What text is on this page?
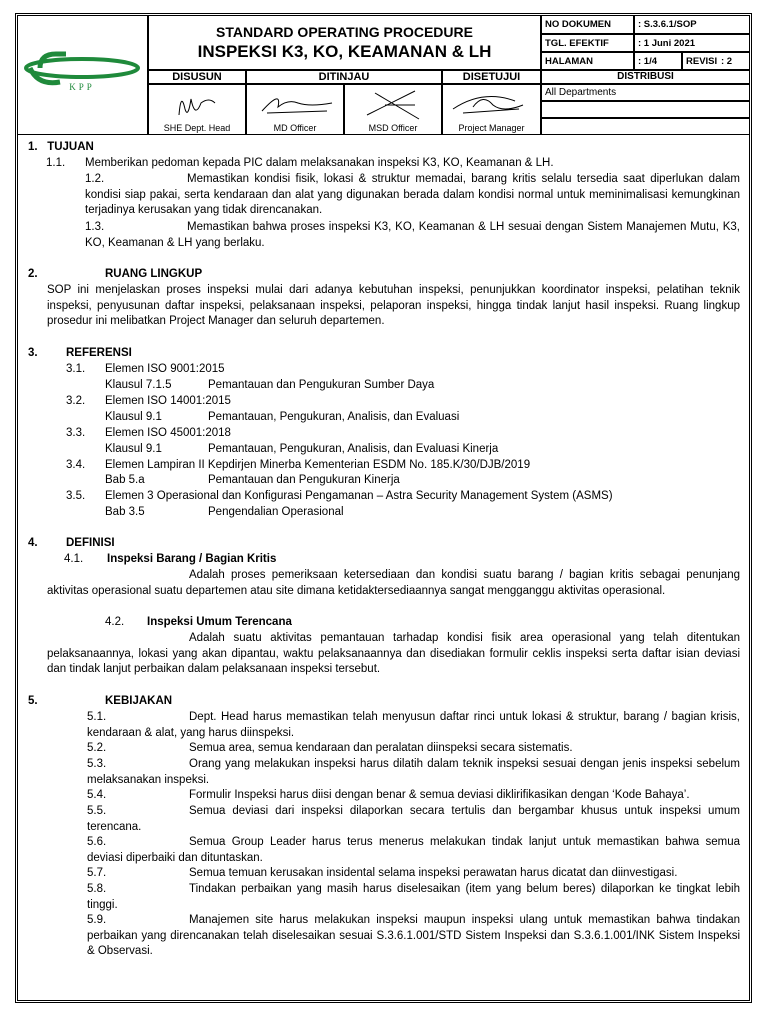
KPP
STANDARD OPERATING PROCEDURE
INSPEKSI K3, KO, KEAMANAN & LH
DISUSUN	DITINJAU	DISETUJUI
SHE Dept. Head	MD Officer	MSD Officer	Project Manager
NO DOKUMEN	: S.3.6.1/SOP
TGL. EFEKTIF	: 1 Juni 2021
HALAMAN	: 1/4	REVISI : 2
DISTRIBUSI
All Departments
1. TUJUAN
1.1. Memberikan pedoman kepada PIC dalam melaksanakan inspeksi K3, KO, Keamanan & LH.
1.2.	Memastikan kondisi fisik, lokasi & struktur memadai, barang kritis selalu tersedia saat diperlukan dalam kondisi siap pakai, serta kendaraan dan alat yang digunakan berada dalam kondisi normal untuk meminimalisasi kemungkinan terjadinya kerusakan yang tidak direncanakan.
1.3.	Memastikan bahwa proses inspeksi K3, KO, Keamanan & LH sesuai dengan Sistem Manajemen Mutu, K3, KO, Keamanan & LH yang berlaku.
2.	RUANG LINGKUP
SOP ini menjelaskan proses inspeksi mulai dari adanya kebutuhan inspeksi, penunjukkan koordinator inspeksi, pelatihan teknik inspeksi, penyusunan daftar inspeksi, pelaksanaan inspeksi, pelaporan inspeksi, hingga tindak lanjut hasil inspeksi. Ruang lingkup prosedur ini melibatkan Project Manager dan seluruh departemen.
3. REFERENSI
3.1. Elemen ISO 9001:2015
Klausul 7.1.5	Pemantauan dan Pengukuran Sumber Daya
3.2. Elemen ISO 14001:2015
Klausul 9.1	Pemantauan, Pengukuran, Analisis, dan Evaluasi
3.3. Elemen ISO 45001:2018
Klausul 9.1	Pemantauan, Pengukuran, Analisis, dan Evaluasi Kinerja
3.4. Elemen Lampiran II Kepdirjen Minerba Kementerian ESDM No. 185.K/30/DJB/2019
Bab 5.a	Pemantauan dan Pengukuran Kinerja
3.5. Elemen 3 Operasional dan Konfigurasi Pengamanan – Astra Security Management System (ASMS)
Bab 3.5	Pengendalian Operasional
4. DEFINISI
4.1. Inspeksi Barang / Bagian Kritis
Adalah proses pemeriksaan ketersediaan dan kondisi suatu barang / bagian kritis sebagai penunjang aktivitas operasional suatu departemen atau site dimana ketidaktersediaannya sangat mengganggu aktivitas operasional.
4.2. Inspeksi Umum Terencana
Adalah suatu aktivitas pemantauan tarhadap kondisi fisik area operasional yang telah ditentukan pelaksanaannya, lokasi yang akan dipantau, waktu pelaksanaannya dan disediakan formulir ceklis inspeksi serta daftar isian deviasi dan tindak lanjut perbaikan dalam pelaksanaan inspeksi tersebut.
5.	KEBIJAKAN
5.1.	Dept. Head harus memastikan telah menyusun daftar rinci untuk lokasi & struktur, barang / bagian krisis, kendaraan & alat, yang harus diinspeksi.
5.2.	Semua area, semua kendaraan dan peralatan diinspeksi secara sistematis.
5.3.	Orang yang melakukan inspeksi harus dilatih dalam teknik inspeksi sesuai dengan jenis inspeksi sebelum melaksanakan inspeksi.
5.4.	Formulir Inspeksi harus diisi dengan benar & semua deviasi diklirifikasikan dengan ‘Kode Bahaya’.
5.5.	Semua deviasi dari inspeksi dilaporkan secara tertulis dan bergambar khusus untuk inspeksi umum terencana.
5.6.	Semua Group Leader harus terus menerus melakukan tindak lanjut untuk memastikan bahwa semua deviasi diperbaiki dan dituntaskan.
5.7.	Semua temuan kerusakan insidental selama inspeksi perawatan harus dicatat dan diinvestigasi.
5.8.	Tindakan perbaikan yang masih harus diselesaikan (item yang belum beres) dilaporkan ke tingkat lebih tinggi.
5.9.	Manajemen site harus melakukan inspeksi maupun inspeksi ulang untuk memastikan bahwa tindakan perbaikan yang direncanakan telah diselesaikan sesuai S.3.6.1.001/STD Sistem Inspeksi dan S.3.6.1.001/INK Sistem Inspeksi & Observasi.
